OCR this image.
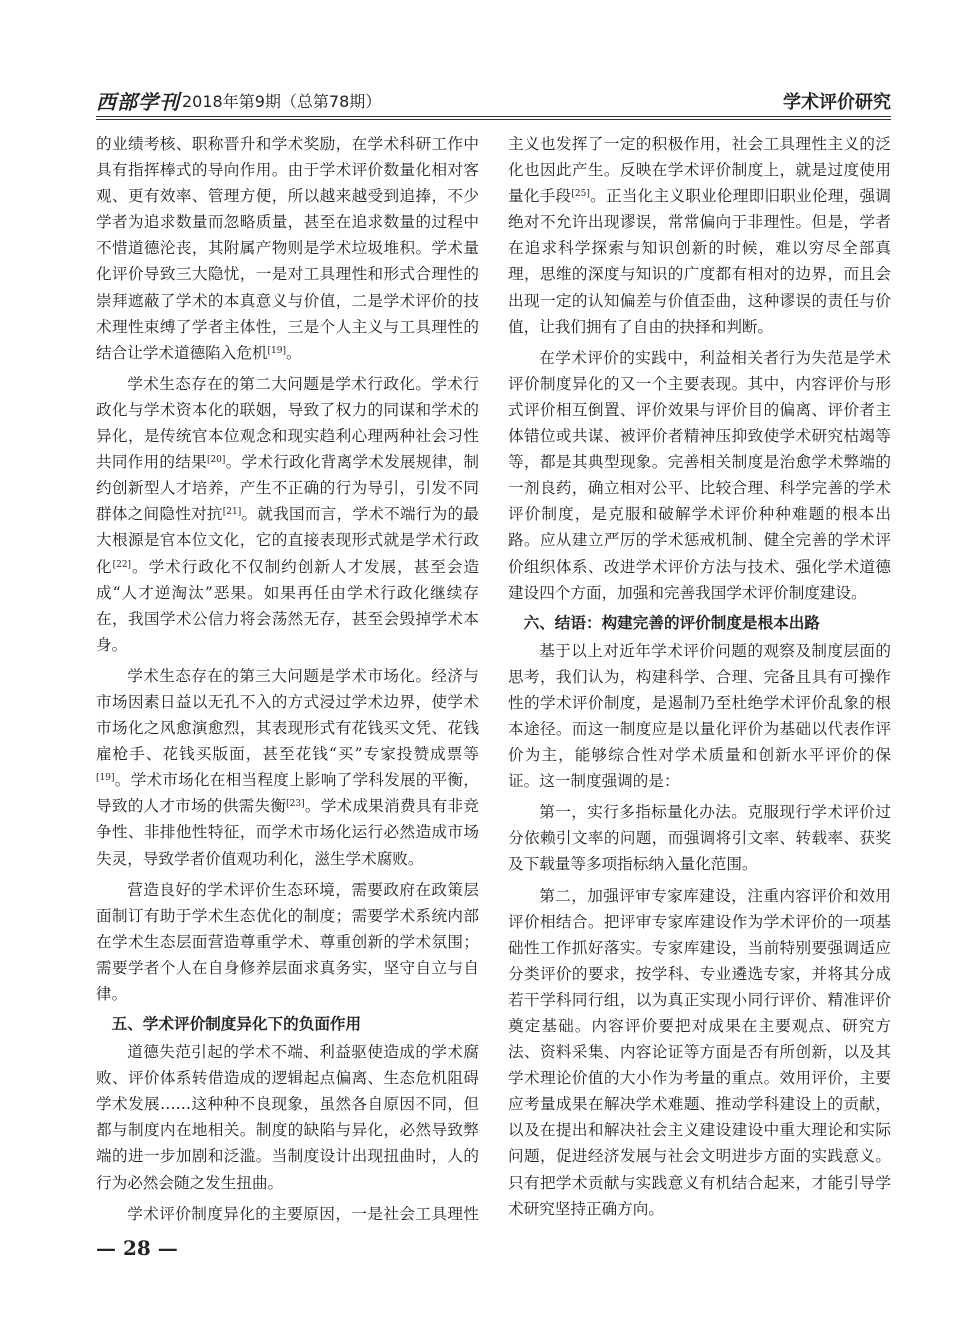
西部学刊 2018年第9期（总第78期）	学术评价研究

的业绩考核、职称晋升和学术奖励，在学术科研工作中具有指挥棒式的导向作用。由于学术评价数量化相对客观、更有效率、管理方便，所以越来越受到追捧，不少学者为追求数量而忽略质量，甚至在追求数量的过程中不惜道德沦丧，其附属产物则是学术垃圾堆积。学术量化评价导致三大隐忧，一是对工具理性和形式合理性的崇拜遮蔽了学术的本真意义与价值，二是学术评价的技术理性束缚了学者主体性，三是个人主义与工具理性的结合让学术道德陷入危机[19]。

学术生态存在的第二大问题是学术行政化。学术行政化与学术资本化的联姻，导致了权力的同谋和学术的异化，是传统官本位观念和现实趋利心理两种社会习性共同作用的结果[20]。学术行政化背离学术发展规律，制约创新型人才培养，产生不正确的行为导引，引发不同群体之间隐性对抗[21]。就我国而言，学术不端行为的最大根源是官本位文化，它的直接表现形式就是学术行政化[22]。学术行政化不仅制约创新人才发展，甚至会造成“人才逆淘汰”恶果。如果再任由学术行政化继续存在，我国学术公信力将会荡然无存，甚至会毁掉学术本身。

学术生态存在的第三大问题是学术市场化。经济与市场因素日益以无孔不入的方式浸过学术边界，使学术市场化之风愈演愈烈，其表现形式有花钱买文凭、花钱雇枪手、花钱买版面，甚至花钱“买”专家投赞成票等[19]。学术市场化在相当程度上影响了学科发展的平衡，导致的人才市场的供需失衡[23]。学术成果消费具有非竞争性、非排他性特征，而学术市场化运行必然造成市场失灵，导致学者价值观功利化，滋生学术腐败。

营造良好的学术评价生态环境，需要政府在政策层面制订有助于学术生态优化的制度；需要学术系统内部在学术生态层面营造尊重学术、尊重创新的学术氛围；需要学者个人在自身修养层面求真务实，坚守自立与自律。

五、学术评价制度异化下的负面作用

道德失范引起的学术不端、利益驱使造成的学术腐败、评价体系转借造成的逻辑起点偏离、生态危机阻碍学术发展……这种种不良现象，虽然各自原因不同，但都与制度内在地相关。制度的缺陷与异化，必然导致弊端的进一步加剧和泛滥。当制度设计出现扭曲时，人的行为必然会随之发生扭曲。

学术评价制度异化的主要原因，一是社会工具理性

主义也发挥了一定的积极作用，社会工具理性主义的泛化也因此产生。反映在学术评价制度上，就是过度使用量化手段[25]。正当化主义职业伦理即旧职业伦理，强调绝对不允许出现谬误，常常偏向于非理性。但是，学者在追求科学探索与知识创新的时候，难以穷尽全部真理，思维的深度与知识的广度都有相对的边界，而且会出现一定的认知偏差与价值歪曲，这种谬误的责任与价值，让我们拥有了自由的抉择和判断。

在学术评价的实践中，利益相关者行为失范是学术评价制度异化的又一个主要表现。其中，内容评价与形式评价相互倒置、评价效果与评价目的偏离、评价者主体错位或共谋、被评价者精神压抑致使学术研究枯竭等等，都是其典型现象。完善相关制度是治愈学术弊端的一剂良药，确立相对公平、比较合理、科学完善的学术评价制度，是克服和破解学术评价种种难题的根本出路。应从建立严厉的学术惩戒机制、健全完善的学术评价组织体系、改进学术评价方法与技术、强化学术道德建设四个方面，加强和完善我国学术评价制度建设。

六、结语：构建完善的评价制度是根本出路

基于以上对近年学术评价问题的观察及制度层面的思考，我们认为，构建科学、合理、完备且具有可操作性的学术评价制度，是遏制乃至杜绝学术评价乱象的根本途径。而这一制度应是以量化评价为基础以代表作评价为主，能够综合性对学术质量和创新水平评价的保证。这一制度强调的是：

第一，实行多指标量化办法。克服现行学术评价过分依赖引文率的问题，而强调将引文率、转载率、获奖及下载量等多项指标纳入量化范围。

第二，加强评审专家库建设，注重内容评价和效用评价相结合。把评审专家库建设作为学术评价的一项基础性工作抓好落实。专家库建设，当前特别要强调适应分类评价的要求，按学科、专业遴选专家，并将其分成若干学科同行组，以为真正实现小同行评价、精准评价奠定基础。内容评价要把对成果在主要观点、研究方法、资料采集、内容论证等方面是否有所创新，以及其学术理论价值的大小作为考量的重点。效用评价，主要应考量成果在解决学术难题、推动学科建设上的贡献，以及在提出和解决社会主义建设建设中重大理论和实际问题，促进经济发展与社会文明进步方面的实践意义。只有把学术贡献与实践意义有机结合起来，才能引导学术研究坚持正确方向。

— 28 —
